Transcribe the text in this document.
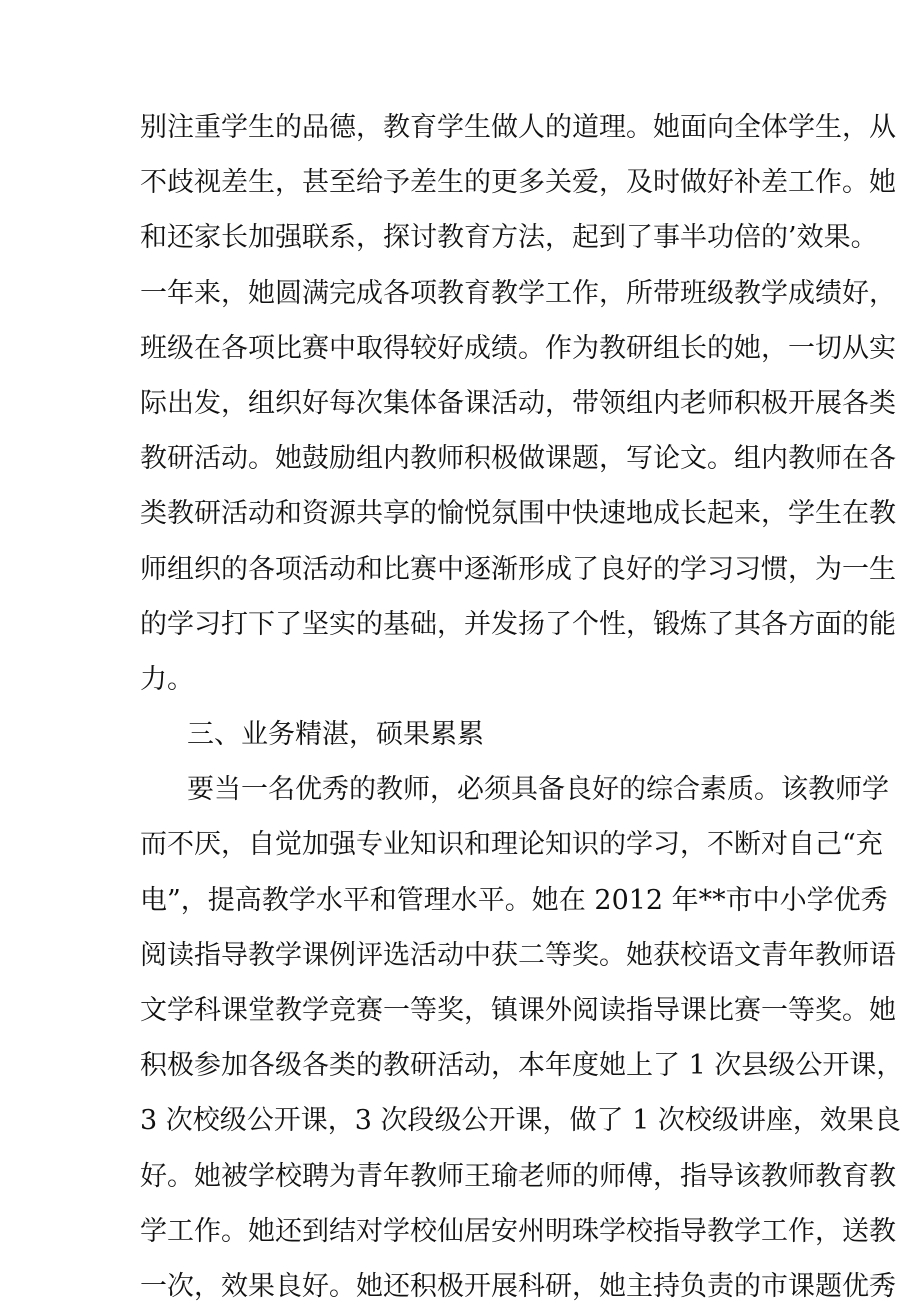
别注重学生的品德，教育学生做人的道理。她面向全体学生，从
不歧视差生，甚至给予差生的更多关爱，及时做好补差工作。她
和还家长加强联系，探讨教育方法，起到了事半功倍的’效果。
一年来，她圆满完成各项教育教学工作，所带班级教学成绩好，
班级在各项比赛中取得较好成绩。作为教研组长的她，一切从实
际出发，组织好每次集体备课活动，带领组内老师积极开展各类
教研活动。她鼓励组内教师积极做课题，写论文。组内教师在各
类教研活动和资源共享的愉悦氛围中快速地成长起来，学生在教
师组织的各项活动和比赛中逐渐形成了良好的学习习惯，为一生
的学习打下了坚实的基础，并发扬了个性，锻炼了其各方面的能
力。
三、业务精湛，硕果累累
要当一名优秀的教师，必须具备良好的综合素质。该教师学
而不厌，自觉加强专业知识和理论知识的学习，不断对自己“充
电”，提高教学水平和管理水平。她在 2012 年**市中小学优秀
阅读指导教学课例评选活动中获二等奖。她获校语文青年教师语
文学科课堂教学竞赛一等奖，镇课外阅读指导课比赛一等奖。她
积极参加各级各类的教研活动，本年度她上了 1 次县级公开课，
3 次校级公开课，3 次段级公开课，做了 1 次校级讲座，效果良
好。她被学校聘为青年教师王瑜老师的师傅，指导该教师教育教
学工作。她还到结对学校仙居安州明珠学校指导教学工作，送教
一次，效果良好。她还积极开展科研，她主持负责的市课题优秀
